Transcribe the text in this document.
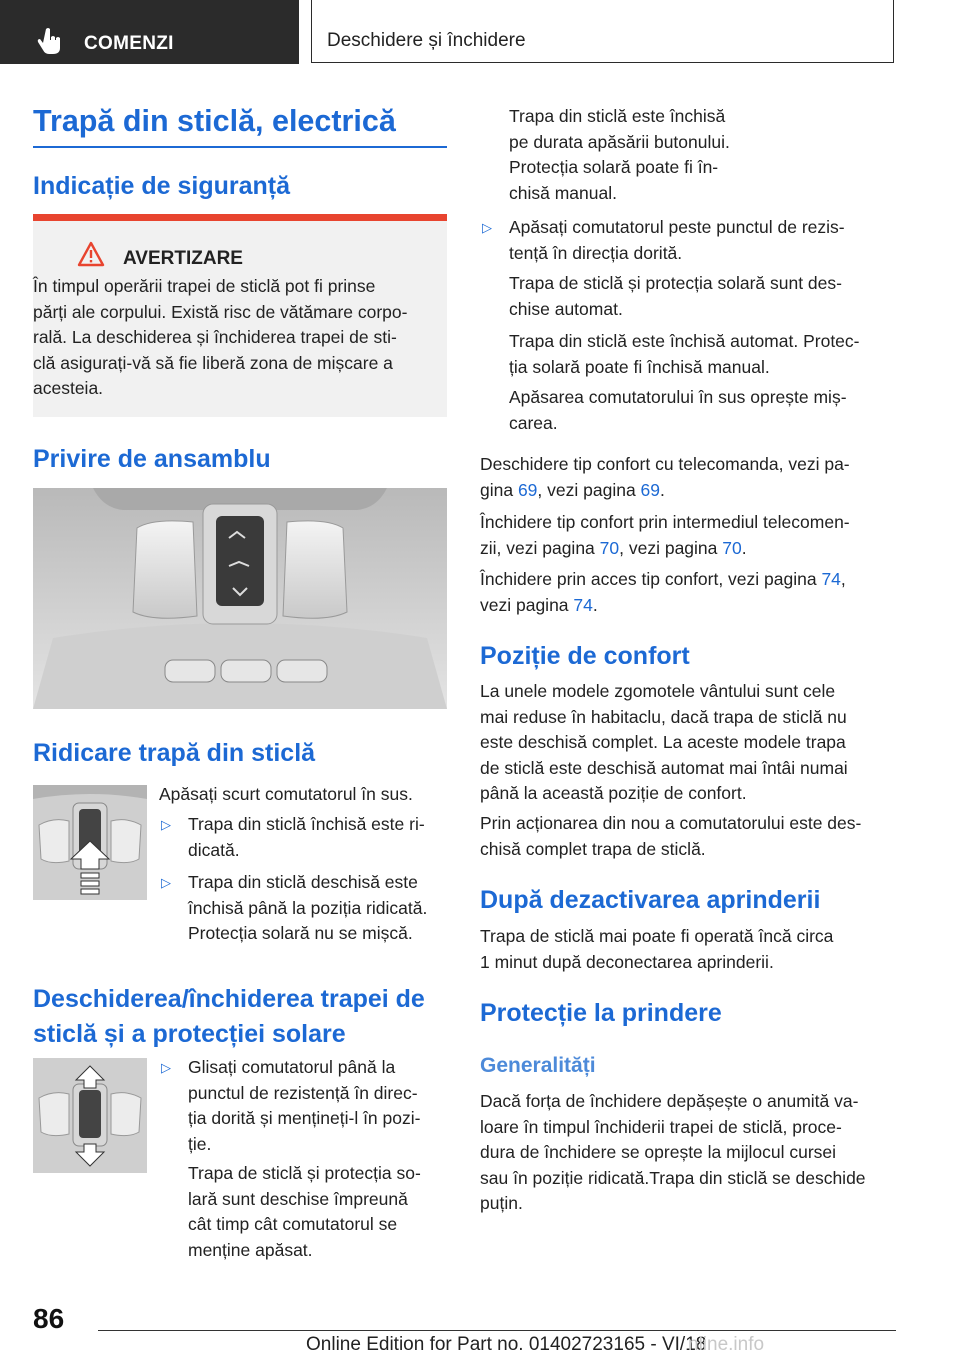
COMENZI	Deschidere și închidere
Trapă din sticlă, electrică
Indicație de siguranță
AVERTIZARE

În timpul operării trapei de sticlă pot fi prinse

părți ale corpului. Există risc de vătămare corpo-

rală. La deschiderea și închiderea trapei de sti-

clă asigurați-vă să fie liberă zona de mișcare a

acesteia.

Privire de ansamblu
Ridicare trapă din sticlă
Apăsați scurt comutatorul în sus.
▷ Trapa din sticlă închisă este ri-

dicată.

▷ Trapa din sticlă deschisă este

închisă până la poziția ridicată.

Protecția solară nu se mișcă.

Deschiderea/închiderea trapei de
sticlă și a protecției solare
▷ Glisați comutatorul până la

punctul de rezistență în direc-

ția dorită și mențineți-l în pozi-

ție.

Trapa de sticlă și protecția so-

lară sunt deschise împreună

cât timp cât comutatorul se

menține apăsat.

Trapa din sticlă este închisă

pe durata apăsării butonului.

Protecția solară poate fi în-

chisă manual.

▷ Apăsați comutatorul peste punctul de rezis-

tență în direcția dorită.

Trapa de sticlă și protecția solară sunt des-

chise automat.

Trapa din sticlă este închisă automat. Protec-

ția solară poate fi închisă manual.

Apăsarea comutatorului în sus oprește miș-

carea.

Deschidere tip confort cu telecomanda, vezi pa-

gina 69, vezi pagina 69.

Închidere tip confort prin intermediul telecomen-

zii, vezi pagina 70, vezi pagina 70.

Închidere prin acces tip confort, vezi pagina 74,

vezi pagina 74.

Poziție de confort

La unele modele zgomotele vântului sunt cele

mai reduse în habitaclu, dacă trapa de sticlă nu

este deschisă complet. La aceste modele trapa

de sticlă este deschisă automat mai întâi numai

până la această poziție de confort.

Prin acționarea din nou a comutatorului este des-

chisă complet trapa de sticlă.

După dezactivarea aprinderii

Trapa de sticlă mai poate fi operată încă circa

1 minut după deconectarea aprinderii.

Protecție la prindere
Generalități

Dacă forța de închidere depășește o anumită va-

loare în timpul închiderii trapei de sticlă, proce-

dura de închidere se oprește la mijlocul cursei

sau în poziție ridicată.Trapa din sticlă se deschide

puțin.

86
Online Edition for Part no. 01402723165 - VI/18
nline.info
